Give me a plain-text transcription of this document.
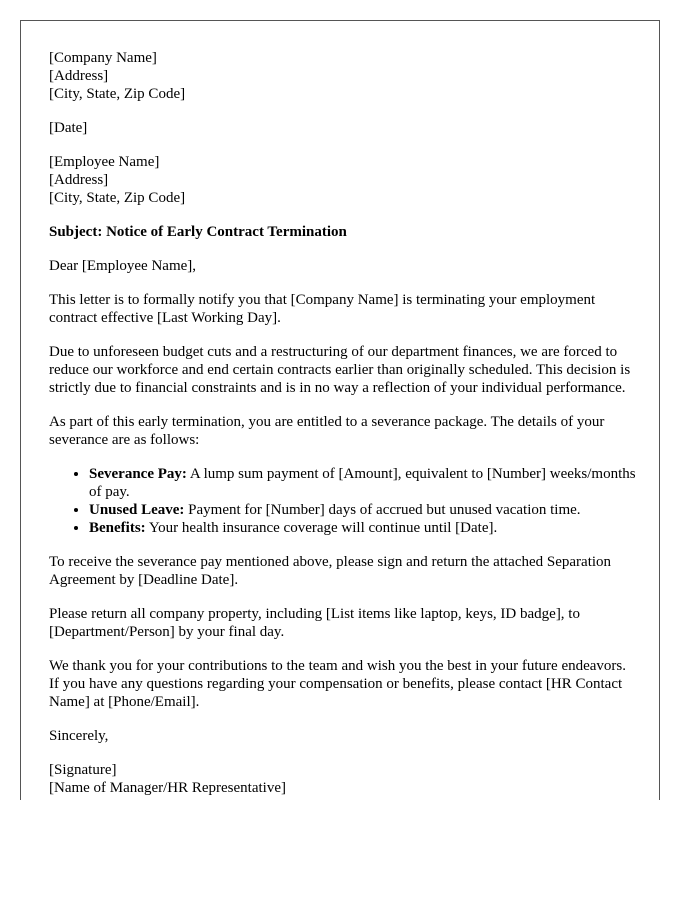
[Company Name]
[Address]
[City, State, Zip Code]
[Date]
[Employee Name]
[Address]
[City, State, Zip Code]

Subject: Notice of Early Contract Termination

Dear [Employee Name],

This letter is to formally notify you that [Company Name] is terminating your employment contract effective [Last Working Day].

Due to unforeseen budget cuts and a restructuring of our department finances, we are forced to reduce our workforce and end certain contracts earlier than originally scheduled. This decision is strictly due to financial constraints and is in no way a reflection of your individual performance.

As part of this early termination, you are entitled to a severance package. The details of your severance are as follows:

• Severance Pay: A lump sum payment of [Amount], equivalent to [Number] weeks/months of pay.
• Unused Leave: Payment for [Number] days of accrued but unused vacation time.
• Benefits: Your health insurance coverage will continue until [Date].

To receive the severance pay mentioned above, please sign and return the attached Separation Agreement by [Deadline Date].

Please return all company property, including [List items like laptop, keys, ID badge], to [Department/Person] by your final day.

We thank you for your contributions to the team and wish you the best in your future endeavors. If you have any questions regarding your compensation or benefits, please contact [HR Contact Name] at [Phone/Email].

Sincerely,

[Signature]
[Name of Manager/HR Representative]
